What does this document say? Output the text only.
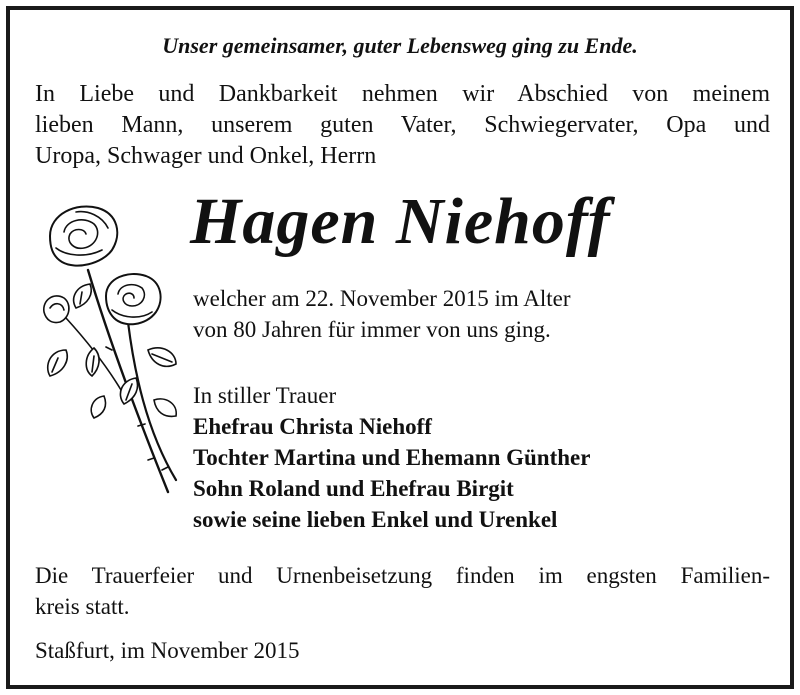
Unser gemeinsamer, guter Lebensweg ging zu Ende.

In Liebe und Dankbarkeit nehmen wir Abschied von meinem
lieben Mann, unserem guten Vater, Schwiegervater, Opa und
Uropa, Schwager und Onkel, Herrn

Hagen Niehoff

welcher am 22. November 2015 im Alter
von 80 Jahren für immer von uns ging.
In stiller Trauer
Ehefrau Christa Niehoff
Tochter Martina und Ehemann Günther
Sohn Roland und Ehefrau Birgit
sowie seine lieben Enkel und Urenkel
Die Trauerfeier und Urnenbeisetzung finden im engsten Familien-
kreis statt.

Staßfurt, im November 2015
